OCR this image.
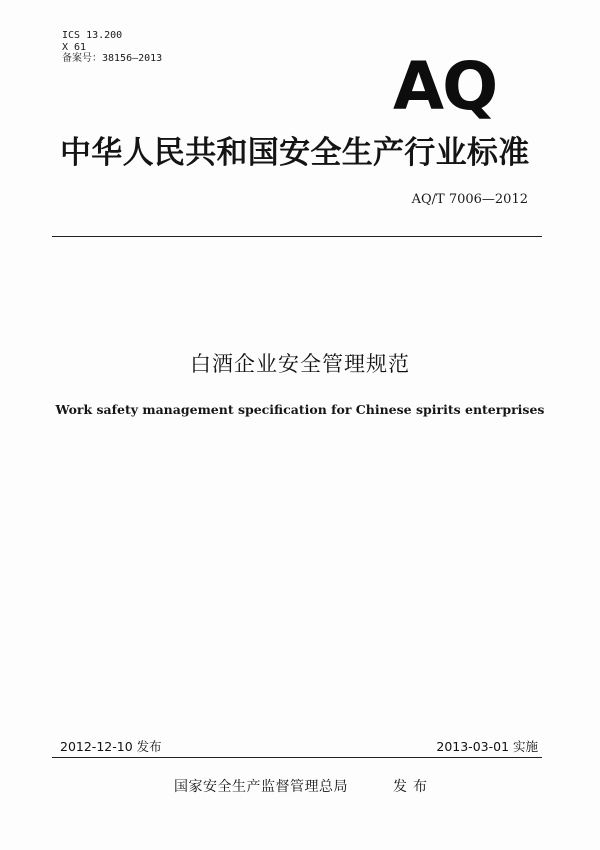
ICS 13.200
X 61
备案号：38156—2013	AQ
中华人民共和国安全生产行业标准
AQ/T 7006—2012
白酒企业安全管理规范
Work safety management specification for Chinese spirits enterprises
2012-12-10 发布	2013-03-01 实施
国家安全生产监督管理总局	发布
